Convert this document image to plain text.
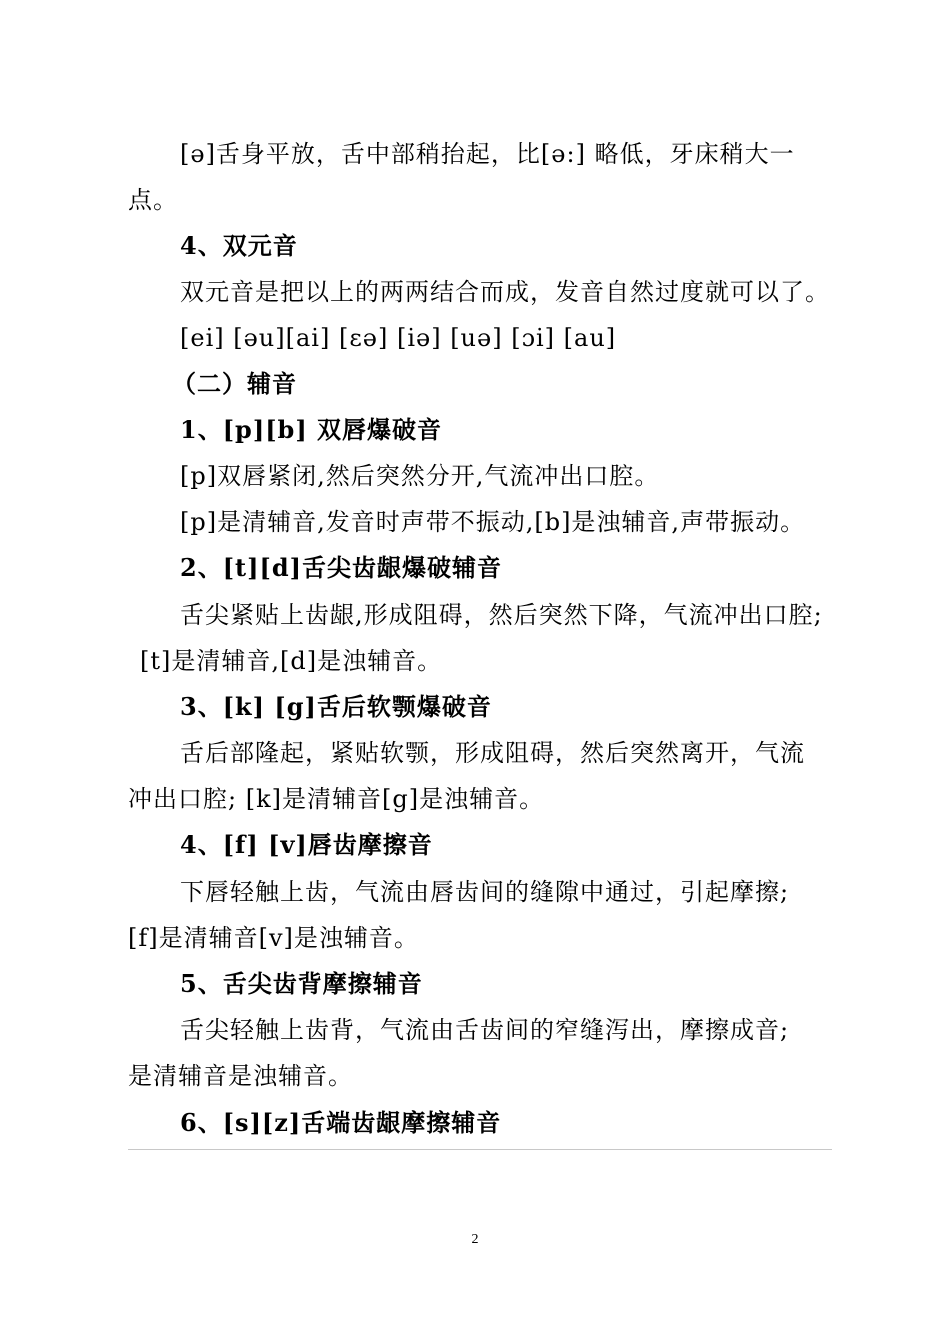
[ə]舌身平放，舌中部稍抬起，比[ə:] 略低，牙床稍大一
点。
4、双元音
双元音是把以上的两两结合而成，发音自然过度就可以了。
[ei] [əu][ai] [εə] [iə] [uə] [ɔi] [au]
（二）辅音
1、[p][b] 双唇爆破音
[p]双唇紧闭,然后突然分开,气流冲出口腔。
[p]是清辅音,发音时声带不振动,[b]是浊辅音,声带振动。
2、[t][d]舌尖齿龈爆破辅音
舌尖紧贴上齿龈,形成阻碍，然后突然下降，气流冲出口腔;
[t]是清辅音,[d]是浊辅音。
3、[k] [g]舌后软颚爆破音
舌后部隆起，紧贴软颚，形成阻碍，然后突然离开，气流
冲出口腔; [k]是清辅音[g]是浊辅音。
4、[f] [v]唇齿摩擦音
下唇轻触上齿，气流由唇齿间的缝隙中通过，引起摩擦;
[f]是清辅音[v]是浊辅音。
5、舌尖齿背摩擦辅音
舌尖轻触上齿背，气流由舌齿间的窄缝泻出，摩擦成音;
是清辅音是浊辅音。
6、[s][z]舌端齿龈摩擦辅音
2
